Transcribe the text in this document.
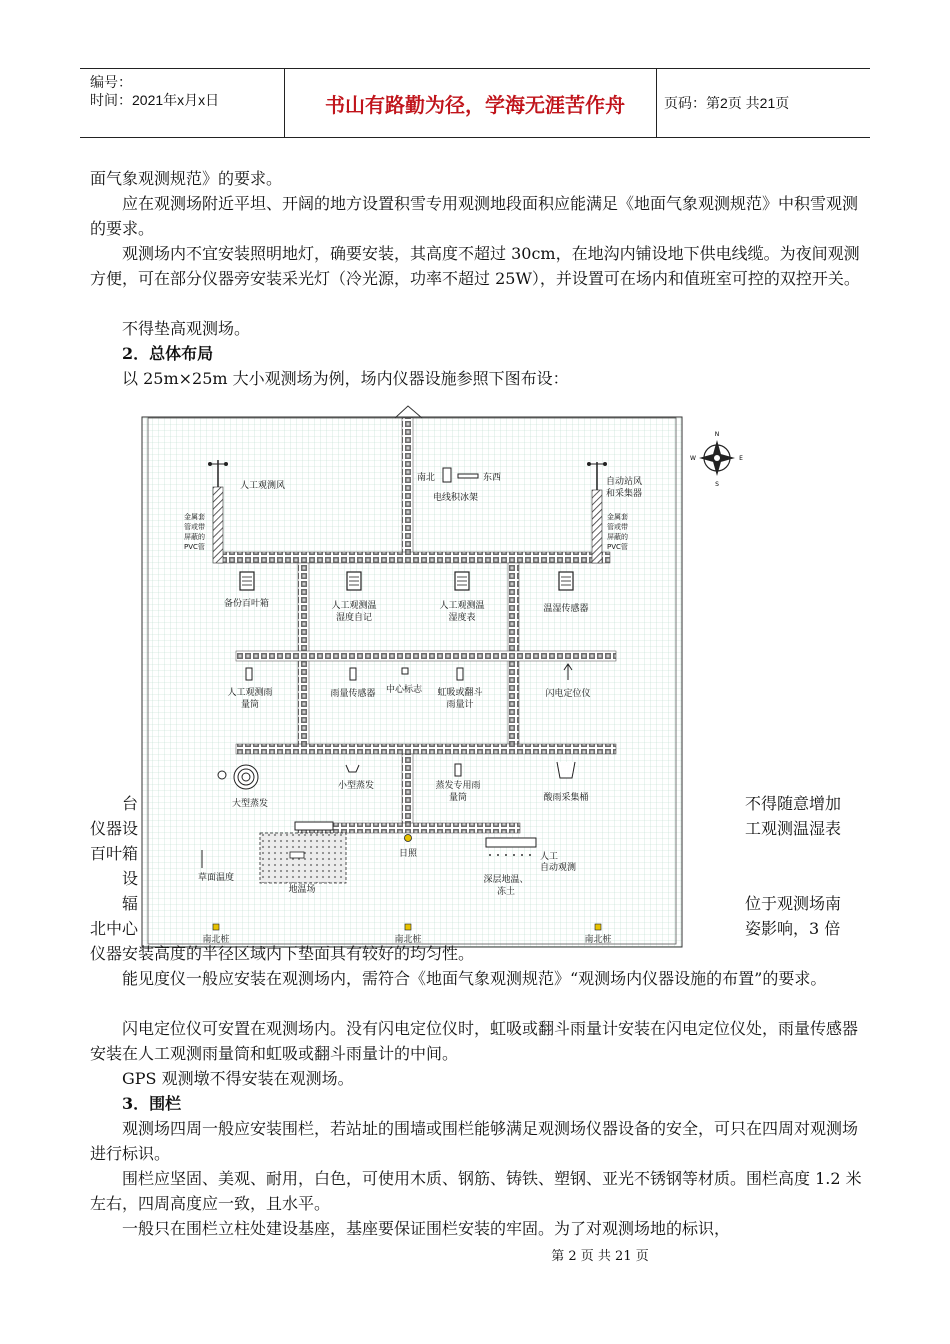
编号：
时间：2021年x月x日	书山有路勤为径，学海无涯苦作舟	页码：第2页 共21页

面气象观测规范》的要求。

应在观测场附近平坦、开阔的地方设置积雪专用观测地段面积应能满足《地面气象观测规范》中积雪观测的要求。

观测场内不宜安装照明地灯，确要安装，其高度不超过 30cm，在地沟内铺设地下供电线缆。为夜间观测方便，可在部分仪器旁安装采光灯（冷光源，功率不超过 25W），并设置可在场内和值班室可控的双控开关。

不得垫高观测场。

2．总体布局

以 25m×25m 大小观测场为例，场内仪器设施参照下图布设：

台
仪器设
百叶箱
设
辐
北中心
不得随意增加
工观测温湿表
位于观测场南
姿影响，3 倍
N
S
E
W
人工观测风
南北	东西
电线积冰架
自动站风
和采集器
备份百叶箱	人工观测温
湿度自记
人工观测温
湿度表
温湿传感器
人工观测雨
量筒
雨量传感器 中心标志 虹吸或翻斗
雨量计
闪电定位仪
小型蒸发	蒸发专用雨
量筒	酸雨采集桶
大型蒸发
日照
草面温度
地温场
人工
自动观测
深层地温、
冻土
南北桩	南北桩	南北桩
金属套
管或带
屏蔽的
PVC管
金属套
管或带
屏蔽的
PVC管

仪器安装高度的半径区域内下垫面具有较好的均匀性。

能见度仪一般应安装在观测场内，需符合《地面气象观测规范》“观测场内仪器设施的布置”的要求。

闪电定位仪可安置在观测场内。没有闪电定位仪时，虹吸或翻斗雨量计安装在闪电定位仪处，雨量传感器安装在人工观测雨量筒和虹吸或翻斗雨量计的中间。

GPS 观测墩不得安装在观测场。

3．围栏

观测场四周一般应安装围栏，若站址的围墙或围栏能够满足观测场仪器设备的安全，可只在四周对观测场进行标识。

围栏应坚固、美观、耐用，白色，可使用木质、钢筋、铸铁、塑钢、亚光不锈钢等材质。围栏高度 1.2 米左右，四周高度应一致，且水平。

一般只在围栏立柱处建设基座，基座要保证围栏安装的牢固。为了对观测场地的标识，

第 2 页 共 21 页
